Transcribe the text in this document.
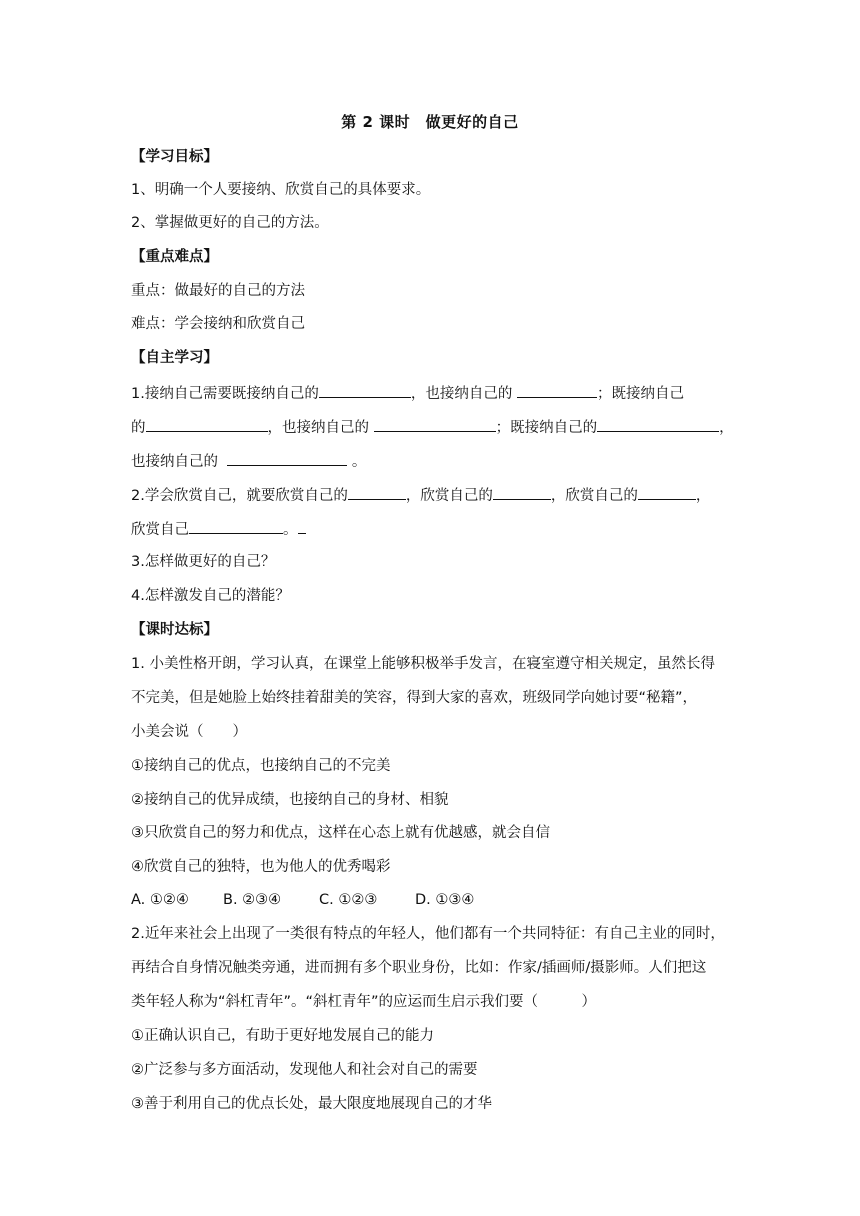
第 2 课时　做更好的自己
【学习目标】
1、明确一个人要接纳、欣赏自己的具体要求。
2、掌握做更好的自己的方法。
【重点难点】
重点：做最好的自己的方法
难点：学会接纳和欣赏自己
【自主学习】
1.接纳自己需要既接纳自己的	，也接纳自己的	；既接纳自己
的	，也接纳自己的	；既接纳自己的	，
也接纳自己的	。
2.学会欣赏自己，就要欣赏自己的	，欣赏自己的	，欣赏自己的	，
欣赏自己	。
3.怎样做更好的自己？
4.怎样激发自己的潜能？
【课时达标】
1. 小美性格开朗，学习认真，在课堂上能够积极举手发言，在寝室遵守相关规定，虽然长得
不完美，但是她脸上始终挂着甜美的笑容，得到大家的喜欢，班级同学向她讨要“秘籍”，
小美会说（　　）
①接纳自己的优点，也接纳自己的不完美
②接纳自己的优异成绩，也接纳自己的身材、相貌
③只欣赏自己的努力和优点，这样在心态上就有优越感，就会自信
④欣赏自己的独特，也为他人的优秀喝彩
A. ①②④ B. ②③④	C. ①②③	D. ①③④
2.近年来社会上出现了一类很有特点的年轻人，他们都有一个共同特征：有自己主业的同时，
再结合自身情况触类旁通，进而拥有多个职业身份，比如：作家/插画师/摄影师。人们把这
类年轻人称为“斜杠青年”。“斜杠青年”的应运而生启示我们要（　　　）
①正确认识自己，有助于更好地发展自己的能力
②广泛参与多方面活动，发现他人和社会对自己的需要
③善于利用自己的优点长处，最大限度地展现自己的才华
